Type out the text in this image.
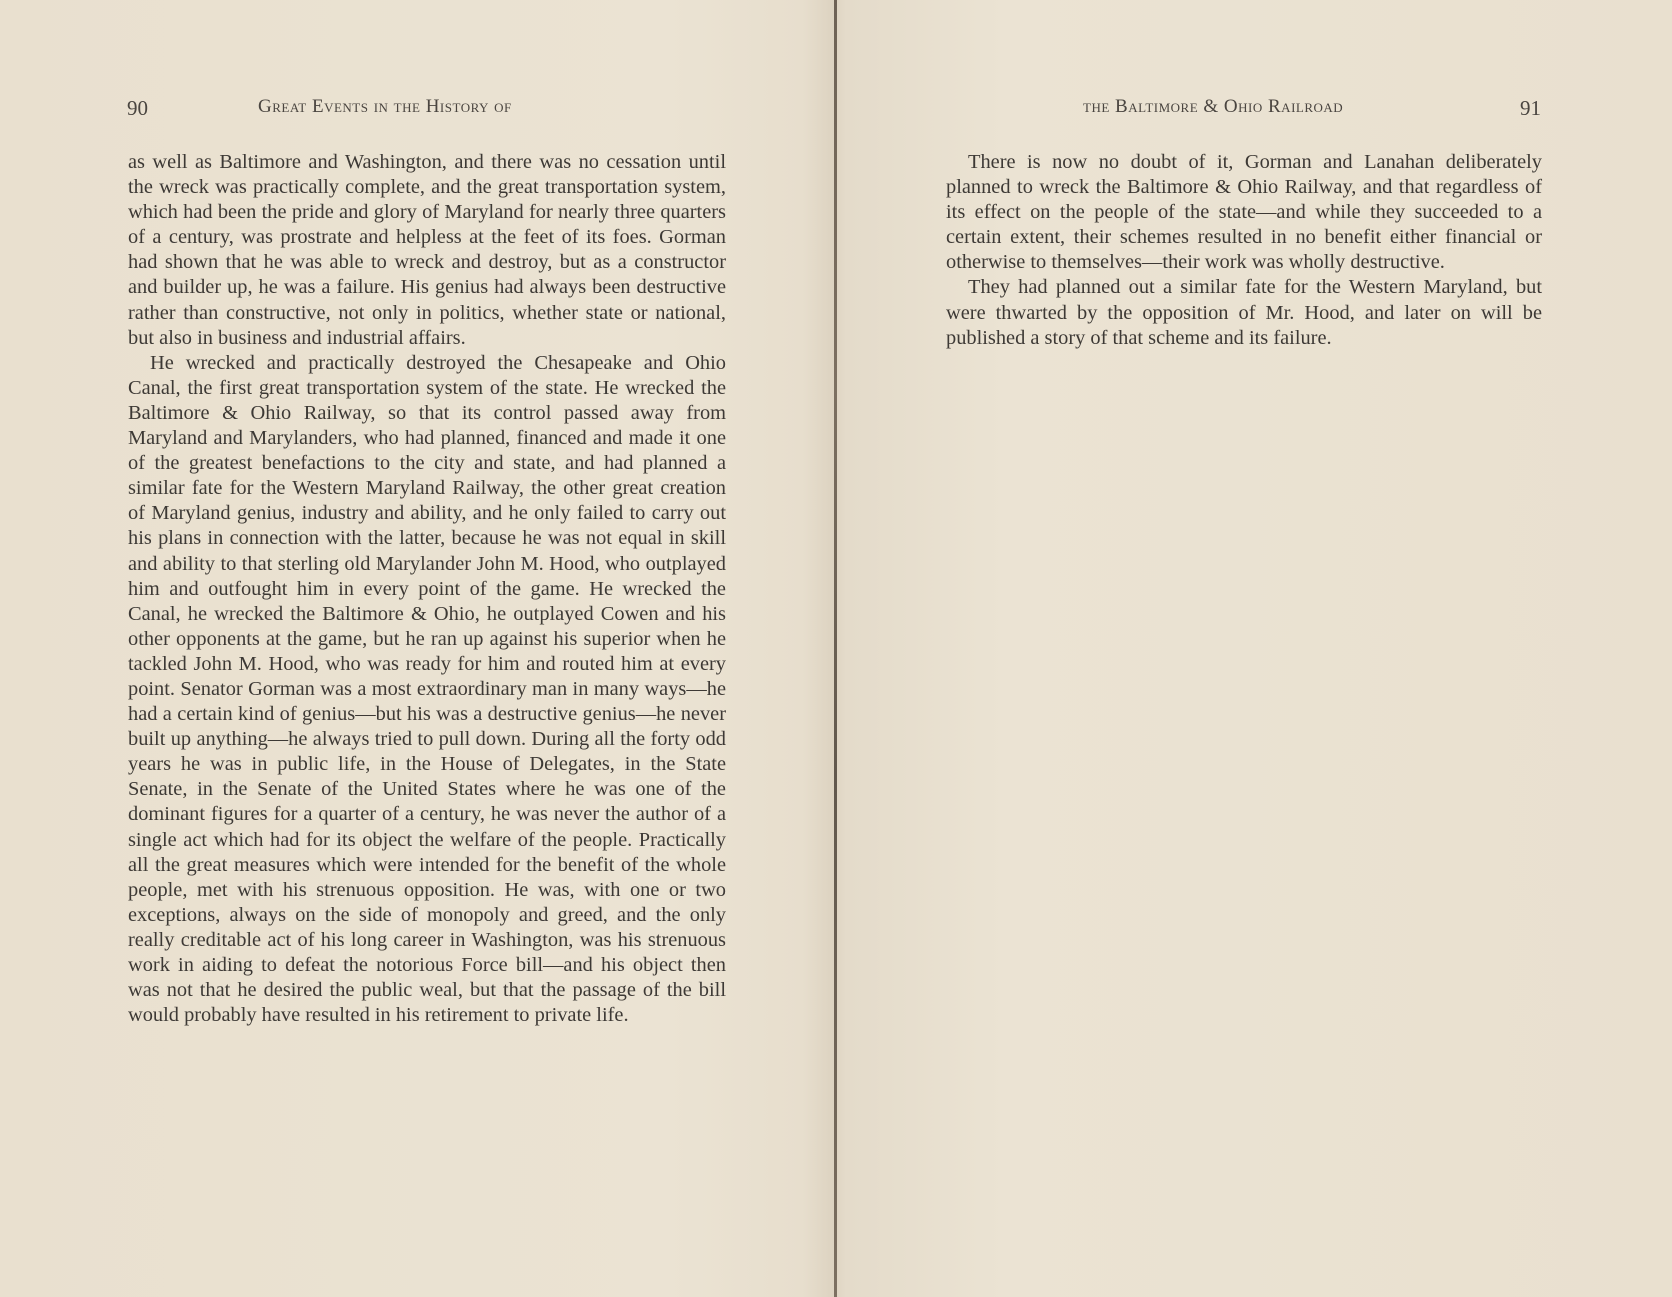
90	Great Events in the History of

as well as Baltimore and Washington, and there was no cessation until the wreck was practically complete, and the great transportation system, which had been the pride and glory of Maryland for nearly three quarters of a century, was prostrate and helpless at the feet of its foes. Gorman had shown that he was able to wreck and destroy, but as a constructor and builder up, he was a failure. His genius had always been destructive rather than constructive, not only in politics, whether state or national, but also in business and industrial affairs.

He wrecked and practically destroyed the Chesapeake and Ohio Canal, the first great transportation system of the state. He wrecked the Baltimore & Ohio Railway, so that its control passed away from Maryland and Marylanders, who had planned, financed and made it one of the greatest benefactions to the city and state, and had planned a similar fate for the Western Maryland Railway, the other great creation of Maryland genius, industry and ability, and he only failed to carry out his plans in connection with the latter, because he was not equal in skill and ability to that sterling old Marylander John M. Hood, who outplayed him and outfought him in every point of the game. He wrecked the Canal, he wrecked the Baltimore & Ohio, he outplayed Cowen and his other opponents at the game, but he ran up against his superior when he tackled John M. Hood, who was ready for him and routed him at every point. Senator Gorman was a most extraordinary man in many ways—he had a certain kind of genius—but his was a destructive genius—he never built up anything—he always tried to pull down. During all the forty odd years he was in public life, in the House of Delegates, in the State Senate, in the Senate of the United States where he was one of the dominant figures for a quarter of a century, he was never the author of a single act which had for its object the welfare of the people. Practically all the great measures which were intended for the benefit of the whole people, met with his strenuous opposition. He was, with one or two exceptions, always on the side of monopoly and greed, and the only really creditable act of his long career in Washington, was his strenuous work in aiding to defeat the notorious Force bill—and his object then was not that he desired the public weal, but that the passage of the bill would probably have resulted in his retirement to private life.

the Baltimore & Ohio Railroad	91

There is now no doubt of it, Gorman and Lanahan deliberately planned to wreck the Baltimore & Ohio Railway, and that regardless of its effect on the people of the state—and while they succeeded to a certain extent, their schemes resulted in no benefit either financial or otherwise to themselves—their work was wholly destructive.

They had planned out a similar fate for the Western Maryland, but were thwarted by the opposition of Mr. Hood, and later on will be published a story of that scheme and its failure.
